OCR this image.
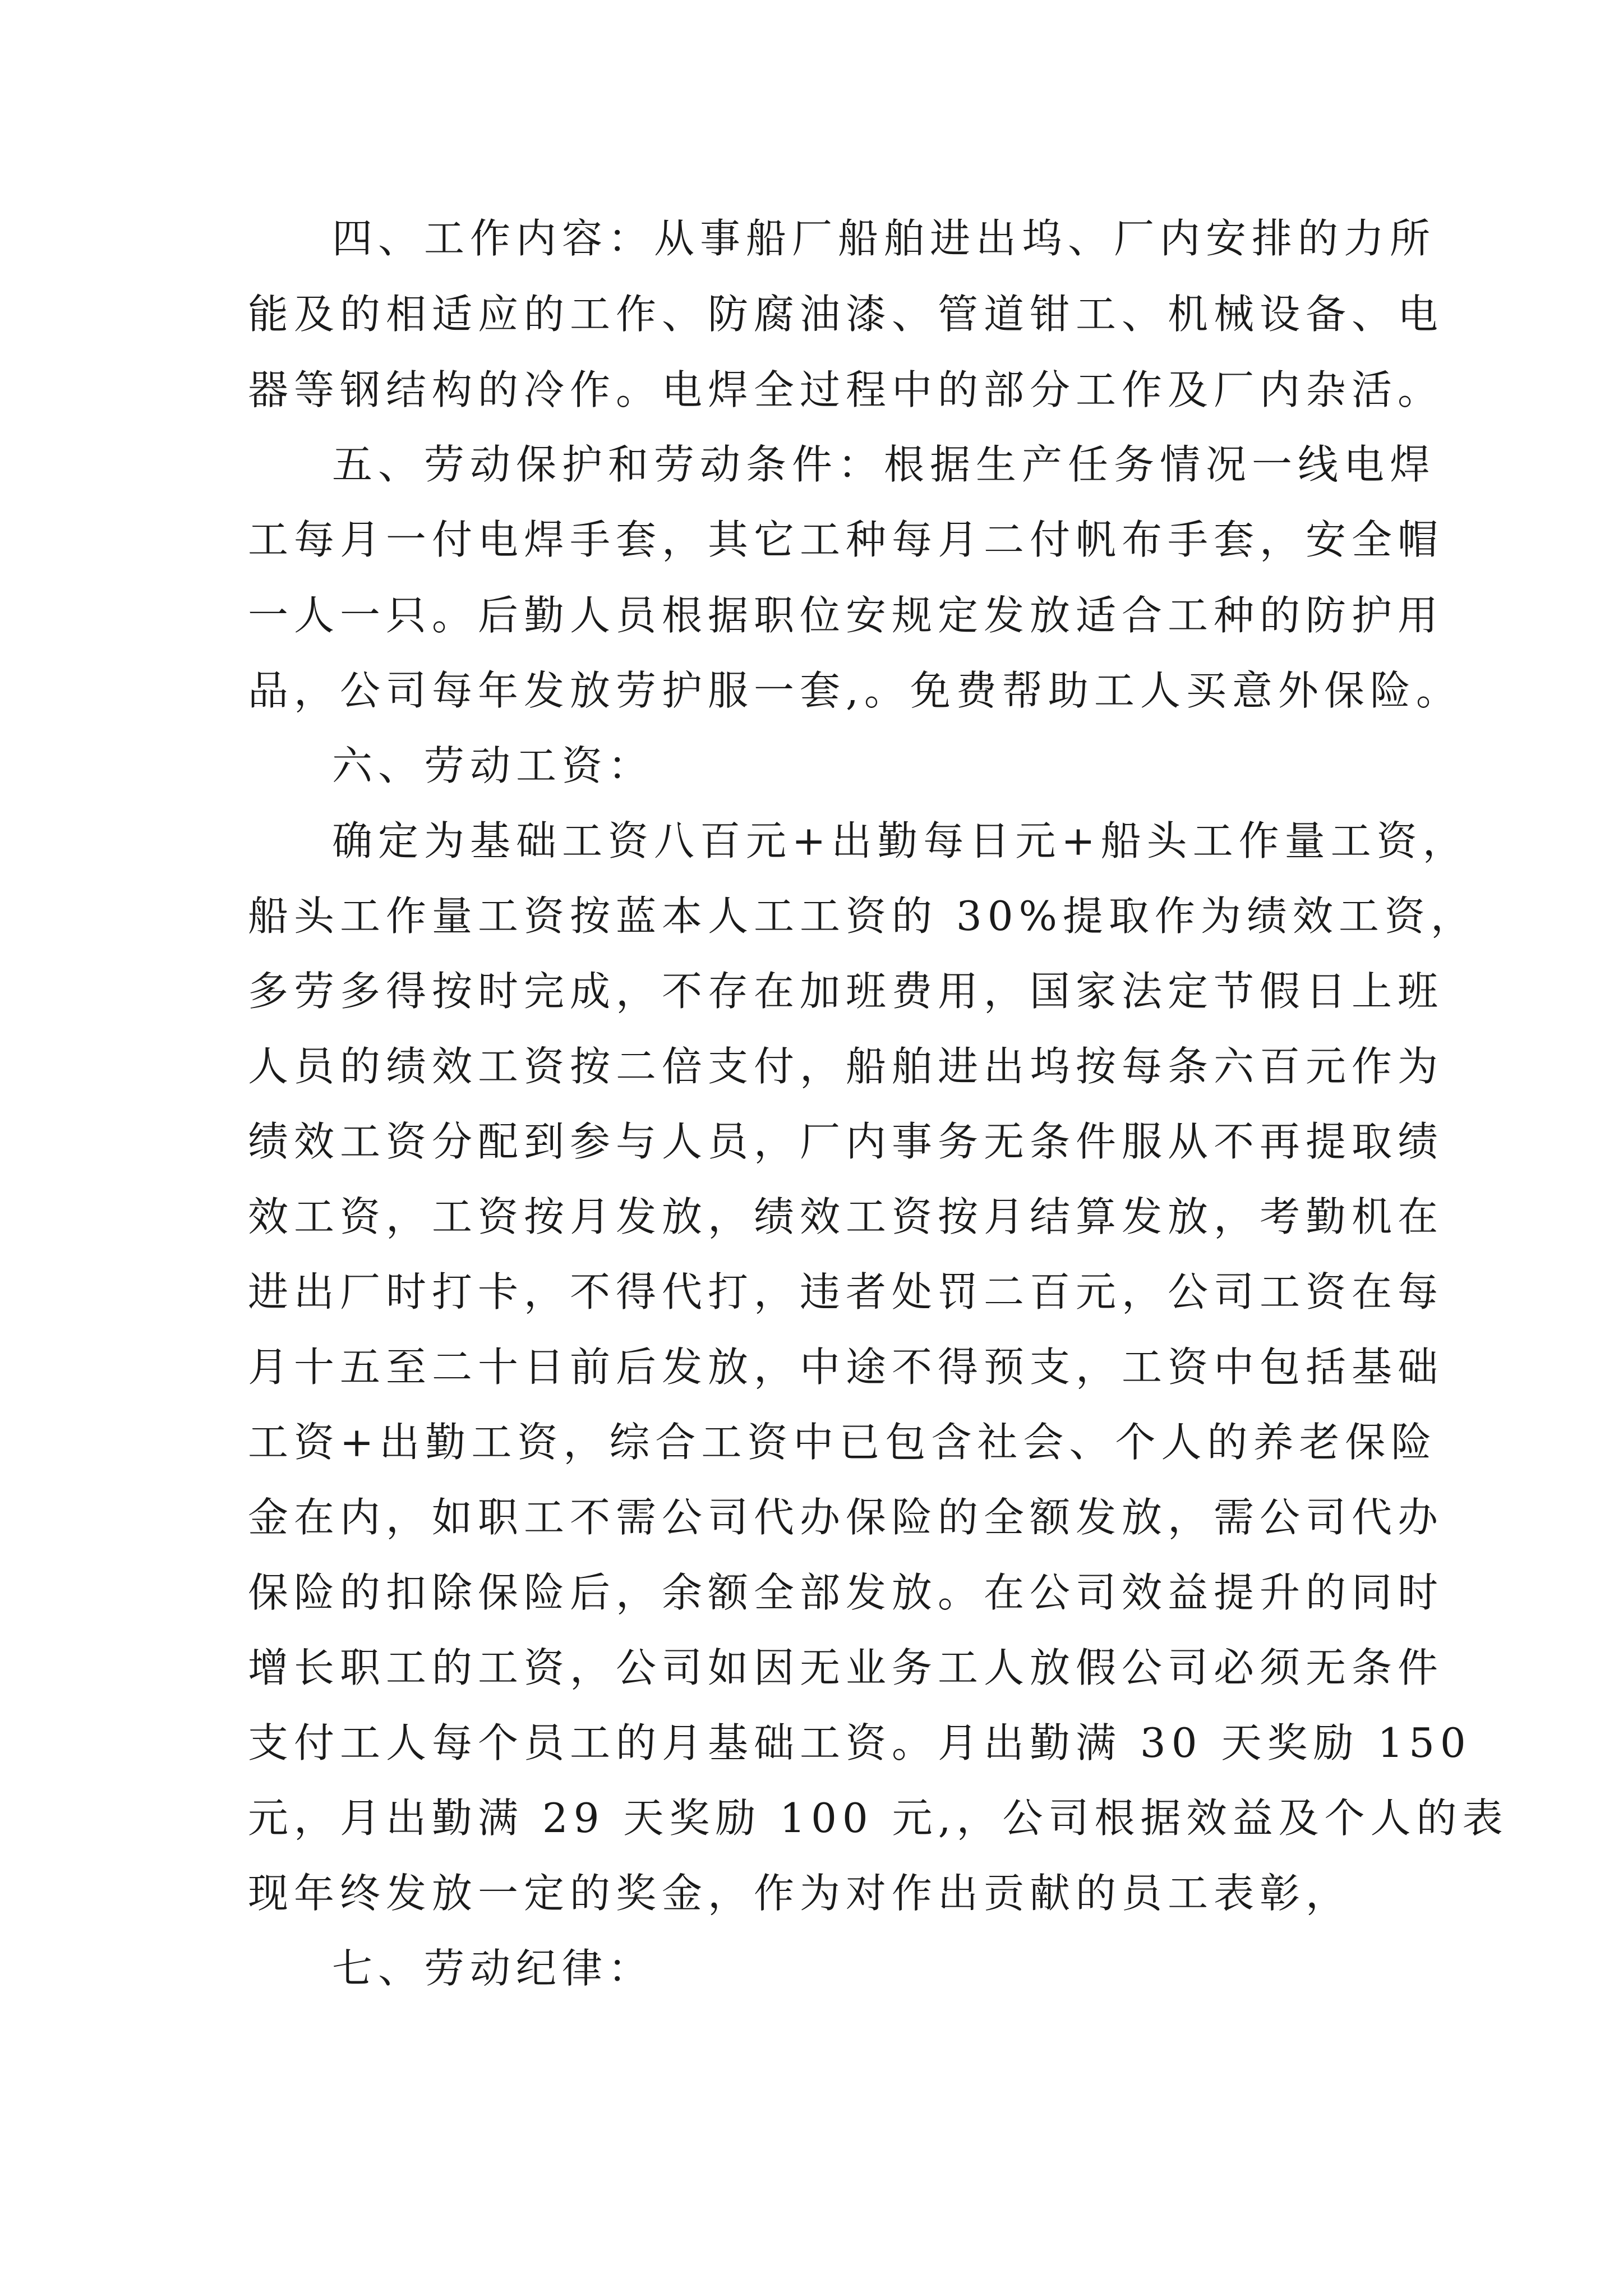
四、工作内容：从事船厂船舶进出坞、厂内安排的力所
能及的相适应的工作、防腐油漆、管道钳工、机械设备、电
器等钢结构的冷作。电焊全过程中的部分工作及厂内杂活。
五、劳动保护和劳动条件：根据生产任务情况一线电焊
工每月一付电焊手套，其它工种每月二付帆布手套，安全帽
一人一只。后勤人员根据职位安规定发放适合工种的防护用
品，公司每年发放劳护服一套,。免费帮助工人买意外保险。
六、劳动工资：
确定为基础工资八百元+出勤每日元+船头工作量工资，
船头工作量工资按蓝本人工工资的 30%提取作为绩效工资，
多劳多得按时完成，不存在加班费用，国家法定节假日上班
人员的绩效工资按二倍支付，船舶进出坞按每条六百元作为
绩效工资分配到参与人员，厂内事务无条件服从不再提取绩
效工资，工资按月发放，绩效工资按月结算发放，考勤机在
进出厂时打卡，不得代打，违者处罚二百元，公司工资在每
月十五至二十日前后发放，中途不得预支，工资中包括基础
工资+出勤工资，综合工资中已包含社会、个人的养老保险
金在内，如职工不需公司代办保险的全额发放，需公司代办
保险的扣除保险后，余额全部发放。在公司效益提升的同时
增长职工的工资，公司如因无业务工人放假公司必须无条件
支付工人每个员工的月基础工资。月出勤满 30 天奖励 150
元，月出勤满 29 天奖励 100 元,，公司根据效益及个人的表
现年终发放一定的奖金，作为对作出贡献的员工表彰，
七、劳动纪律：
